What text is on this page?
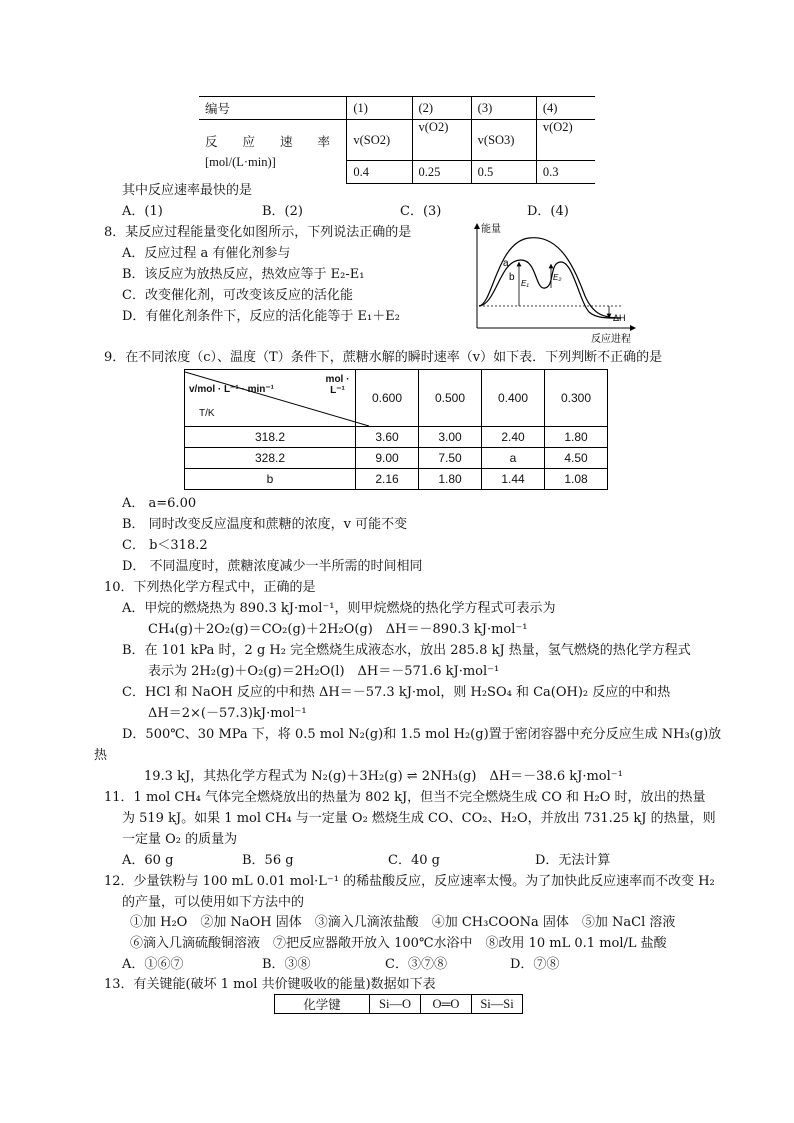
编号	(1)	(2)	(3)	(4)

反　　应　　速　　率
[mol/(L·min)]	v(SO2)	v(O2)	v(SO3)	v(O2)
	0.4	0.25	0.5	0.3
其中反应速率最快的是
A．(1)	B．(2)	C．(3)	D．(4)
8．某反应过程能量变化如图所示，下列说法正确的是
A．反应过程 a 有催化剂参与
B．该反应为放热反应，热效应等于 E₂-E₁
C．改变催化剂，可改变该反应的活化能
D．有催化剂条件下，反应的活化能等于 E₁＋E₂
能量
反应进程
a
b
E₁
E₂
ΔH
9．在不同浓度（c）、温度（T）条件下，蔗糖水解的瞬时速率（v）如下表．下列判断不正确的是
mol · L⁻¹
v/mol · L⁻¹ · min⁻¹
T/K	0.600	0.500	0.400	0.300
318.2	3.60	3.00	2.40	1.80
328.2	9.00	7.50	a	4.50
b	2.16	1.80	1.44	1.08
A． a=6.00
B． 同时改变反应温度和蔗糖的浓度，v 可能不变
C． b＜318.2
D． 不同温度时，蔗糖浓度减少一半所需的时间相同
10．下列热化学方程式中，正确的是
A．甲烷的燃烧热为 890.3 kJ·mol⁻¹，则甲烷燃烧的热化学方程式可表示为
CH₄(g)＋2O₂(g)＝CO₂(g)＋2H₂O(g)　ΔH＝－890.3 kJ·mol⁻¹
B．在 101 kPa 时，2 g H₂ 完全燃烧生成液态水，放出 285.8 kJ 热量，氢气燃烧的热化学方程式
表示为 2H₂(g)＋O₂(g)＝2H₂O(l)　ΔH＝－571.6 kJ·mol⁻¹
C．HCl 和 NaOH 反应的中和热 ΔH＝－57.3 kJ·mol，则 H₂SO₄ 和 Ca(OH)₂ 反应的中和热
ΔH＝2×(－57.3)kJ·mol⁻¹
D．500℃、30 MPa 下，将 0.5 mol N₂(g)和 1.5 mol H₂(g)置于密闭容器中充分反应生成 NH₃(g)放
热
19.3 kJ，其热化学方程式为 N₂(g)＋3H₂(g) ⇌ 2NH₃(g)　ΔH＝－38.6 kJ·mol⁻¹
11．1 mol CH₄ 气体完全燃烧放出的热量为 802 kJ，但当不完全燃烧生成 CO 和 H₂O 时，放出的热量
为 519 kJ。如果 1 mol CH₄ 与一定量 O₂ 燃烧生成 CO、CO₂、H₂O，并放出 731.25 kJ 的热量，则
一定量 O₂ 的质量为
A．60 g	B．56 g	C．40 g	D．无法计算
12．少量铁粉与 100 mL 0.01 mol·L⁻¹ 的稀盐酸反应，反应速率太慢。为了加快此反应速率而不改变 H₂
的产量，可以使用如下方法中的
①加 H₂O　②加 NaOH 固体　③滴入几滴浓盐酸　④加 CH₃COONa 固体　⑤加 NaCl 溶液
⑥滴入几滴硫酸铜溶液　⑦把反应器敞开放入 100℃水浴中　⑧改用 10 mL 0.1 mol/L 盐酸
A．①⑥⑦	B．③⑧	C．③⑦⑧	D．⑦⑧
13．有关键能(破坏 1 mol 共价键吸收的能量)数据如下表
化学键	Si—O	O═O	Si—Si
